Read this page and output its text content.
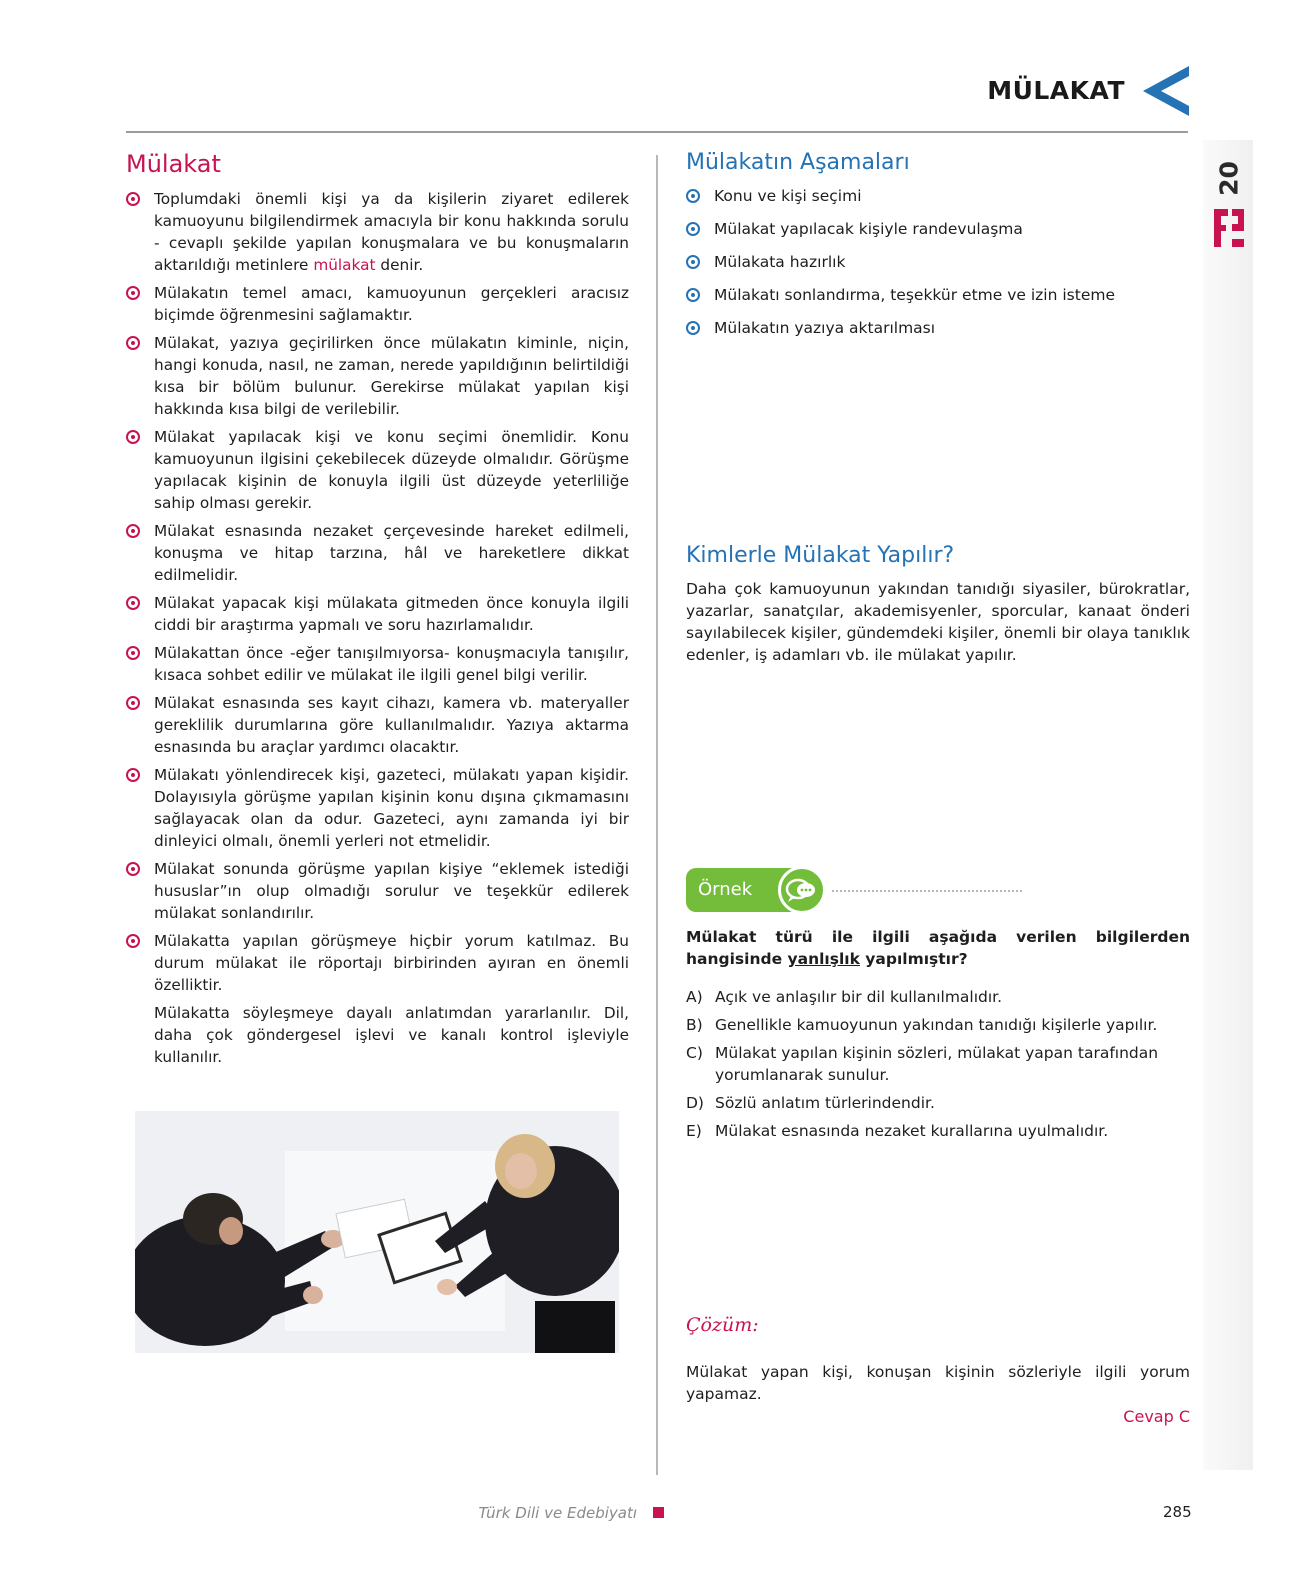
MÜLAKAT
20
Mülakat
Toplumdaki önemli kişi ya da kişilerin ziyaret edilerek kamuoyunu bilgilendirmek amacıyla bir konu hakkında sorulu - cevaplı şekilde yapılan konuşmalara ve bu konuşmaların aktarıldığı metinlere mülakat denir.
Mülakatın temel amacı, kamuoyunun gerçekleri aracısız biçimde öğrenmesini sağlamaktır.
Mülakat, yazıya geçirilirken önce mülakatın kiminle, niçin, hangi konuda, nasıl, ne zaman, nerede yapıldığının belirtildiği kısa bir bölüm bulunur. Gerekirse mülakat yapılan kişi hakkında kısa bilgi de verilebilir.
Mülakat yapılacak kişi ve konu seçimi önemlidir. Konu kamuoyunun ilgisini çekebilecek düzeyde olmalıdır. Görüşme yapılacak kişinin de konuyla ilgili üst düzeyde yeterliliğe sahip olması gerekir.
Mülakat esnasında nezaket çerçevesinde hareket edilmeli, konuşma ve hitap tarzına, hâl ve hareketlere dikkat edilmelidir.
Mülakat yapacak kişi mülakata gitmeden önce konuyla ilgili ciddi bir araştırma yapmalı ve soru hazırlamalıdır.
Mülakattan önce -eğer tanışılmıyorsa- konuşmacıyla tanışılır, kısaca sohbet edilir ve mülakat ile ilgili genel bilgi verilir.
Mülakat esnasında ses kayıt cihazı, kamera vb. materyaller gereklilik durumlarına göre kullanılmalıdır. Yazıya aktarma esnasında bu araçlar yardımcı olacaktır.
Mülakatı yönlendirecek kişi, gazeteci, mülakatı yapan kişidir. Dolayısıyla görüşme yapılan kişinin konu dışına çıkmamasını sağlayacak olan da odur. Gazeteci, aynı zamanda iyi bir dinleyici olmalı, önemli yerleri not etmelidir.
Mülakat sonunda görüşme yapılan kişiye “eklemek istediği hususlar”ın olup olmadığı sorulur ve teşekkür edilerek mülakat sonlandırılır.
Mülakatta yapılan görüşmeye hiçbir yorum katılmaz. Bu durum mülakat ile röportajı birbirinden ayıran en önemli özelliktir.
Mülakatta söyleşmeye dayalı anlatımdan yararlanılır. Dil, daha çok göndergesel işlevi ve kanalı kontrol işleviyle kullanılır.
Mülakatın Aşamaları
Konu ve kişi seçimi
Mülakat yapılacak kişiyle randevulaşma
Mülakata hazırlık
Mülakatı sonlandırma, teşekkür etme ve izin isteme
Mülakatın yazıya aktarılması
Kimlerle Mülakat Yapılır?
Daha çok kamuoyunun yakından tanıdığı siyasiler, bürokratlar, yazarlar, sanatçılar, akademisyenler, sporcular, kanaat önderi sayılabilecek kişiler, gündemdeki kişiler, önemli bir olaya tanıklık edenler, iş adamları vb. ile mülakat yapılır.
Örnek
Mülakat türü ile ilgili aşağıda verilen bilgilerden hangisinde yanlışlık yapılmıştır?
A) Açık ve anlaşılır bir dil kullanılmalıdır.
B) Genellikle kamuoyunun yakından tanıdığı kişilerle yapılır.
C) Mülakat yapılan kişinin sözleri, mülakat yapan tarafından yorumlanarak sunulur.
D) Sözlü anlatım türlerindendir.
E) Mülakat esnasında nezaket kurallarına uyulmalıdır.
Çözüm:
Mülakat yapan kişi, konuşan kişinin sözleriyle ilgili yorum yapamaz.
Cevap C
Türk Dili ve Edebiyatı	285
